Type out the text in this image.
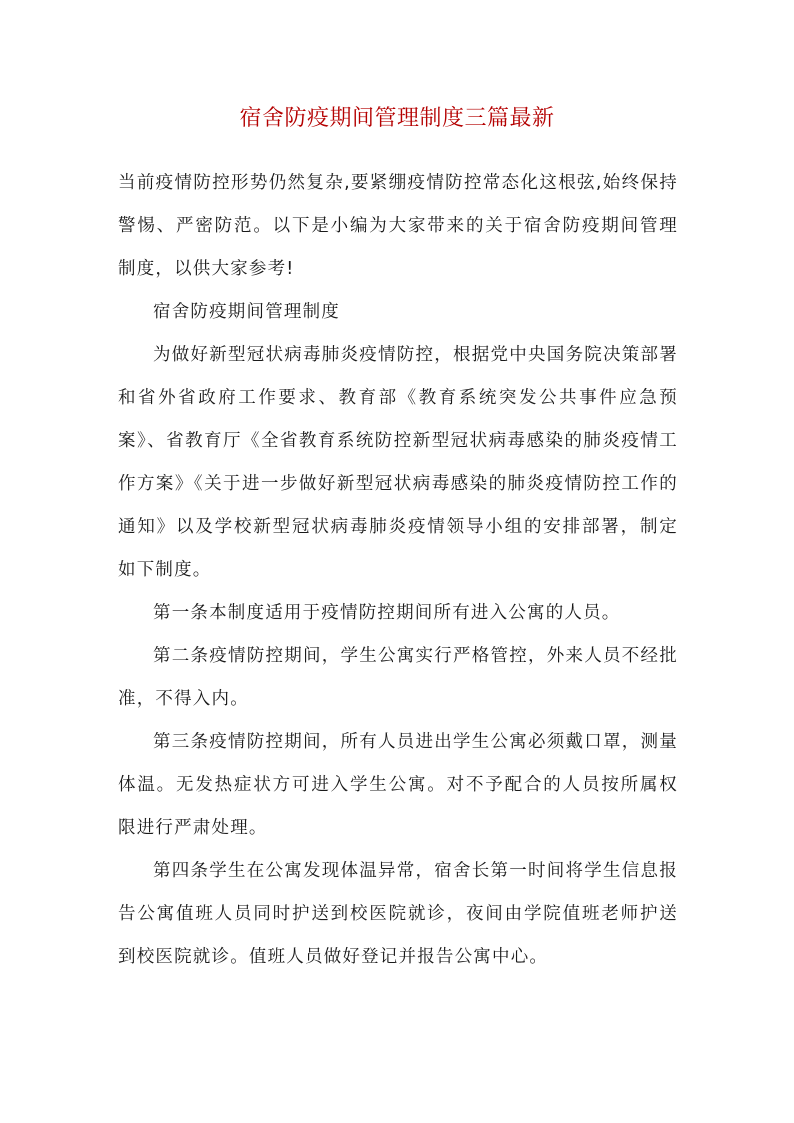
宿舍防疫期间管理制度三篇最新

当前疫情防控形势仍然复杂,要紧绷疫情防控常态化这根弦,始终保持警惕、严密防范。以下是小编为大家带来的关于宿舍防疫期间管理制度，以供大家参考!

宿舍防疫期间管理制度

为做好新型冠状病毒肺炎疫情防控，根据党中央国务院决策部署和省外省政府工作要求、教育部《教育系统突发公共事件应急预案》、省教育厅《全省教育系统防控新型冠状病毒感染的肺炎疫情工作方案》《关于进一步做好新型冠状病毒感染的肺炎疫情防控工作的通知》以及学校新型冠状病毒肺炎疫情领导小组的安排部署，制定如下制度。

第一条本制度适用于疫情防控期间所有进入公寓的人员。

第二条疫情防控期间，学生公寓实行严格管控，外来人员不经批准，不得入内。

第三条疫情防控期间，所有人员进出学生公寓必须戴口罩，测量体温。无发热症状方可进入学生公寓。对不予配合的人员按所属权限进行严肃处理。

第四条学生在公寓发现体温异常，宿舍长第一时间将学生信息报告公寓值班人员同时护送到校医院就诊，夜间由学院值班老师护送到校医院就诊。值班人员做好登记并报告公寓中心。
